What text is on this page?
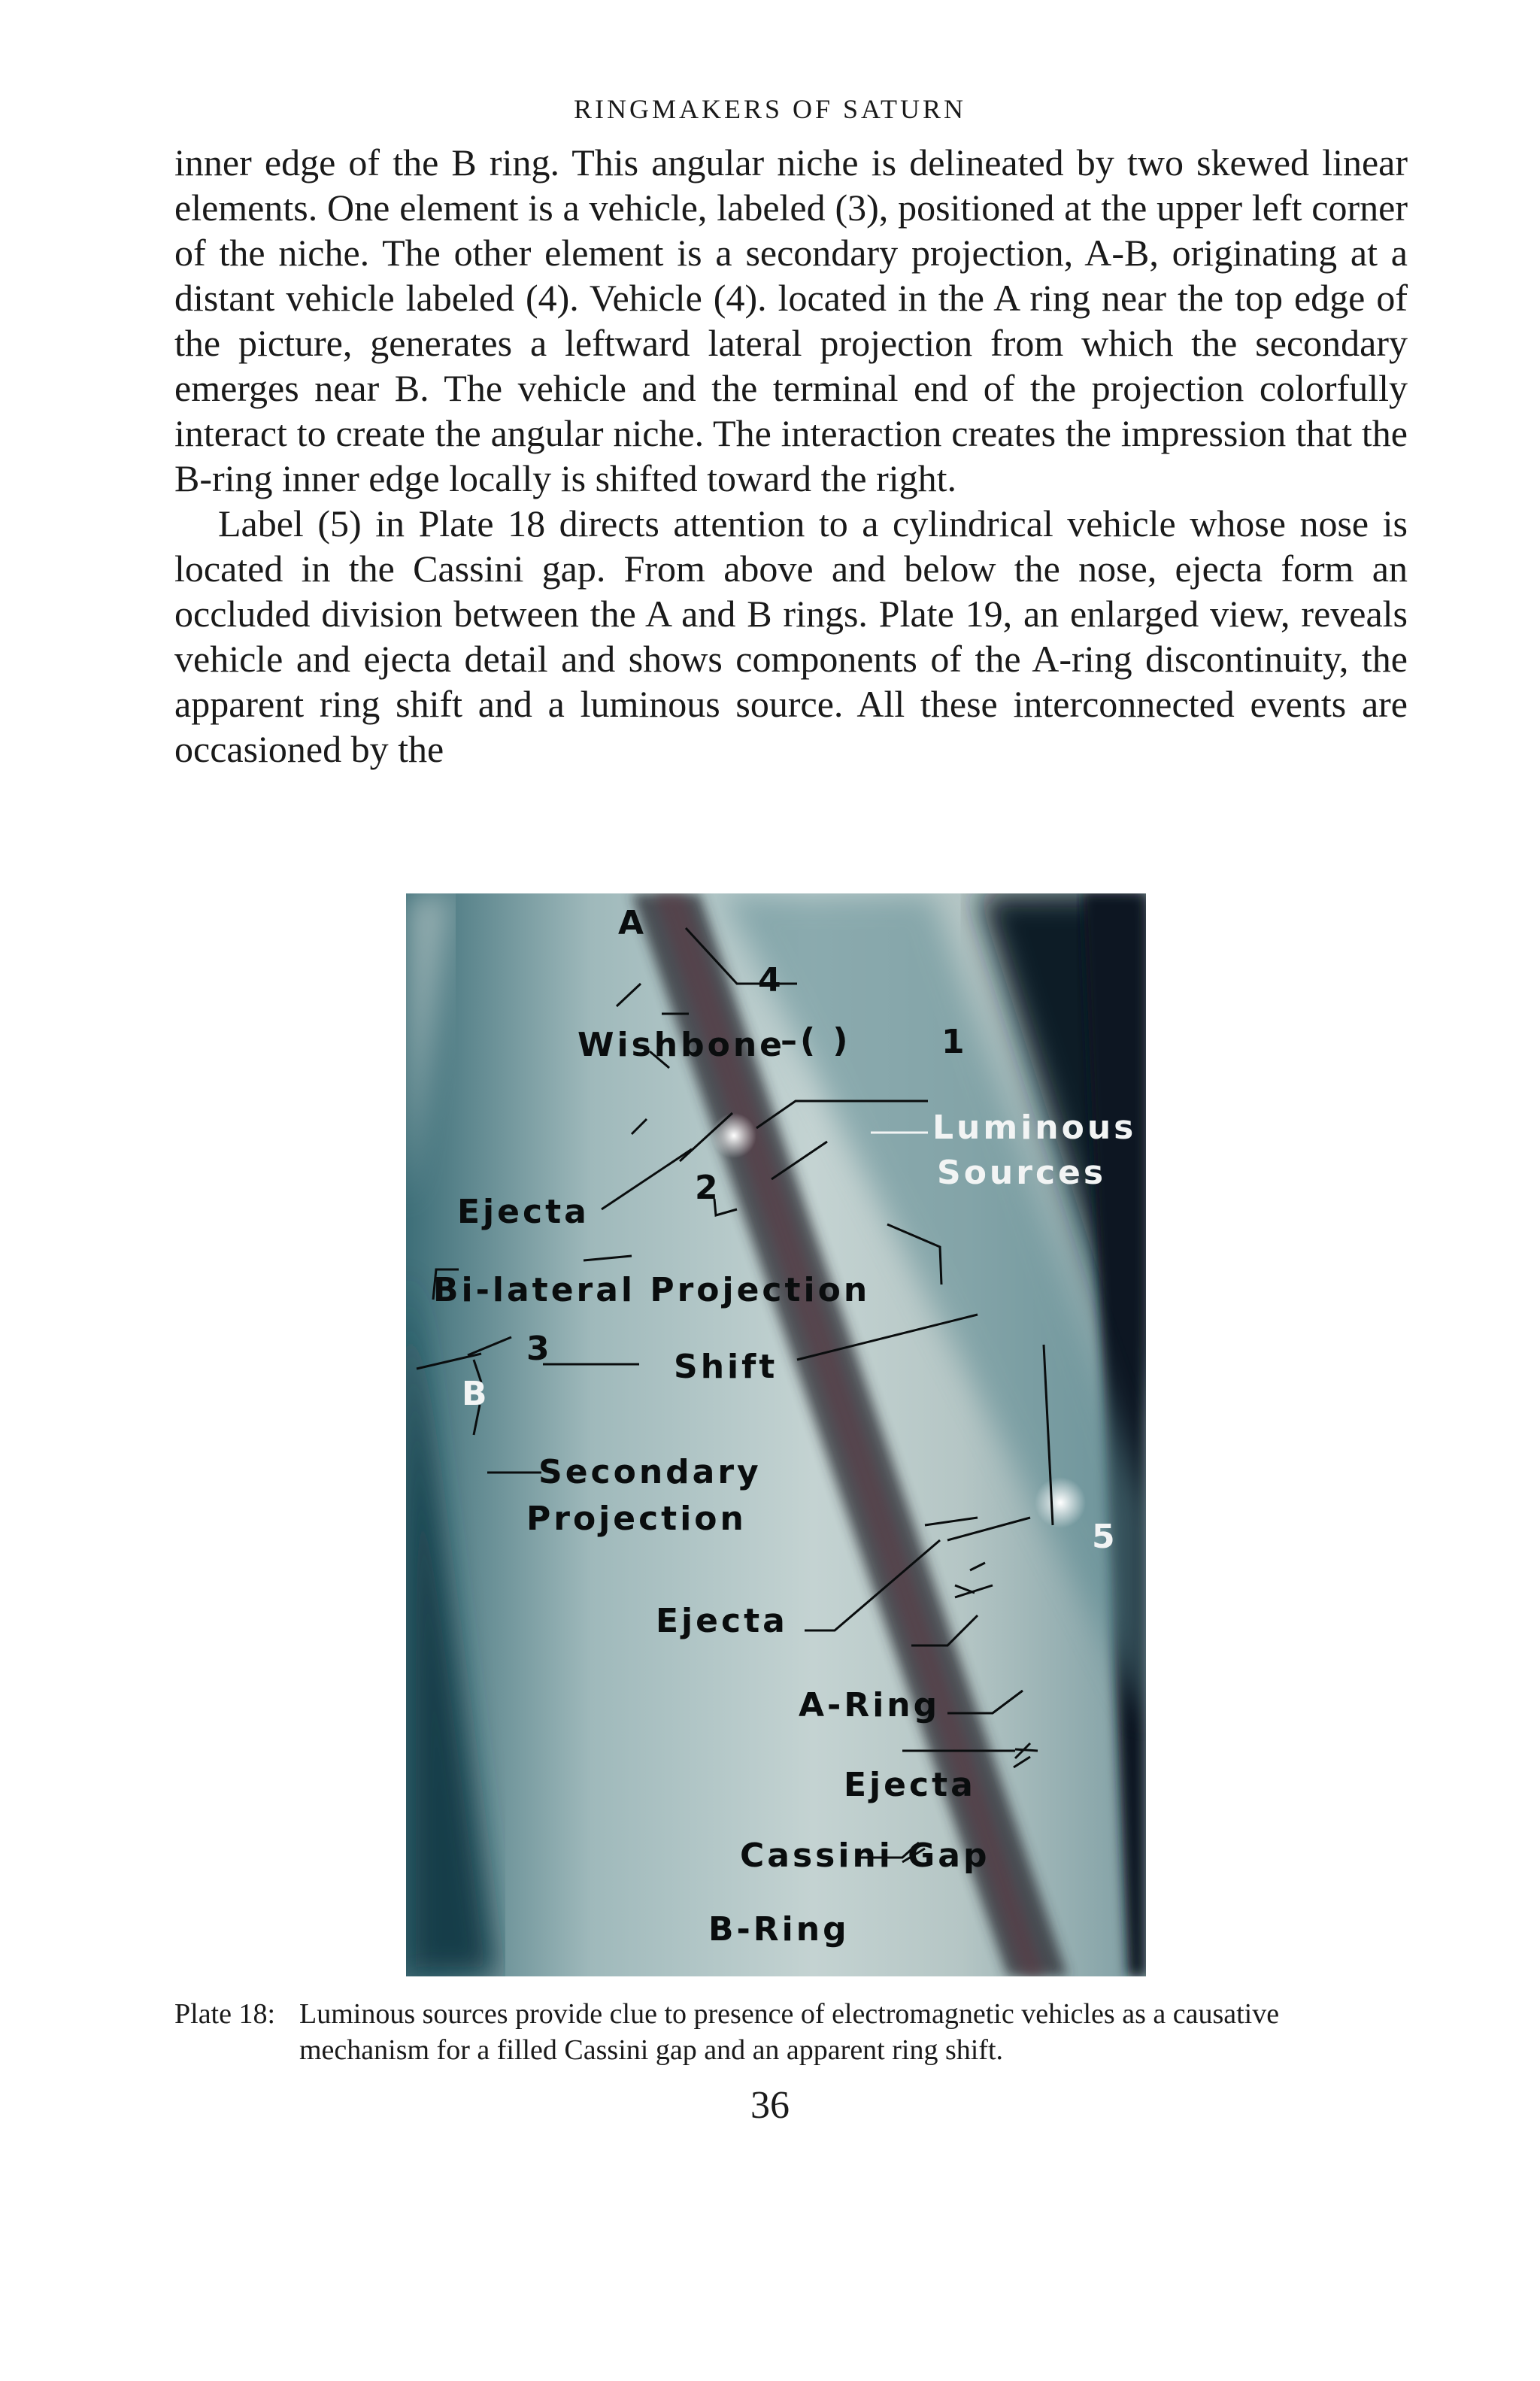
RINGMAKERS OF SATURN

inner edge of the B ring. This angular niche is delineated by two skewed linear elements. One element is a vehicle, labeled (3), positioned at the upper left corner of the niche. The other element is a secondary projection, A-B, originating at a distant vehicle labeled (4). Vehicle (4). located in the A ring near the top edge of the picture, generates a leftward lateral projection from which the secondary emerges near B. The vehicle and the terminal end of the projection colorfully interact to create the angular niche. The interaction creates the impression that the B-ring inner edge locally is shifted toward the right.

Label (5) in Plate 18 directs attention to a cylindrical vehicle whose nose is located in the Cassini gap. From above and below the nose, ejecta form an occluded division between the A and B rings. Plate 19, an enlarged view, reveals vehicle and ejecta detail and shows components of the A-ring discontinuity, the apparent ring shift and a luminous source. All these interconnected events are occasioned by the

A
4
Wishbone
–( )	1
Luminous
Sources
2
Ejecta
Bi-lateral Projection
3	Shift
B
Secondary
Projection	5
Ejecta
A-Ring
Ejecta
Cassini Gap
B-Ring
Plate 18: Luminous sources provide clue to presence of electromagnetic vehicles as a causative mechanism for a filled Cassini gap and an apparent ring shift.
36
